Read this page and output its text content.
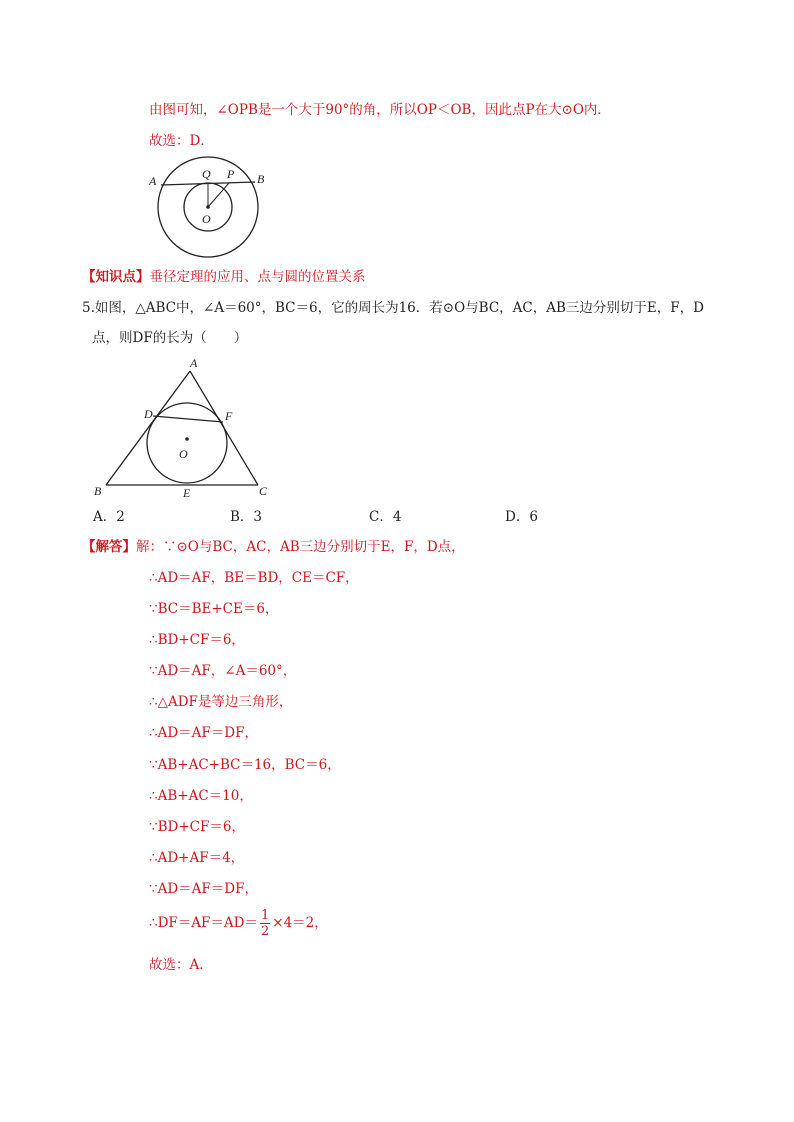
由图可知，∠OPB是一个大于90°的角，所以OP＜OB，因此点P在大⊙O内．
故选：D．
A	B
Q P
O
【知识点】垂径定理的应用、点与圆的位置关系
5.如图，△ABC中，∠A＝60°，BC＝6，它的周长为16．若⊙O与BC，AC，AB三边分别切于E，F，D
点，则DF的长为（　　）
A
B	C
D
E
F
O
A．2	B．3	C．4	D．6
【解答】解：∵⊙O与BC，AC，AB三边分别切于E，F，D点，
∴AD＝AF，BE＝BD，CE＝CF，
∵BC＝BE+CE＝6，
∴BD+CF＝6，
∵AD＝AF，∠A＝60°，
∴△ADF是等边三角形，
∴AD＝AF＝DF，
∵AB+AC+BC＝16，BC＝6，
∴AB+AC＝10，
∵BD+CF＝6，
∴AD+AF＝4，
∵AD＝AF＝DF，
∴DF＝AF＝AD＝ $\frac{1}{2} \times 4=2$，
故选：A．
